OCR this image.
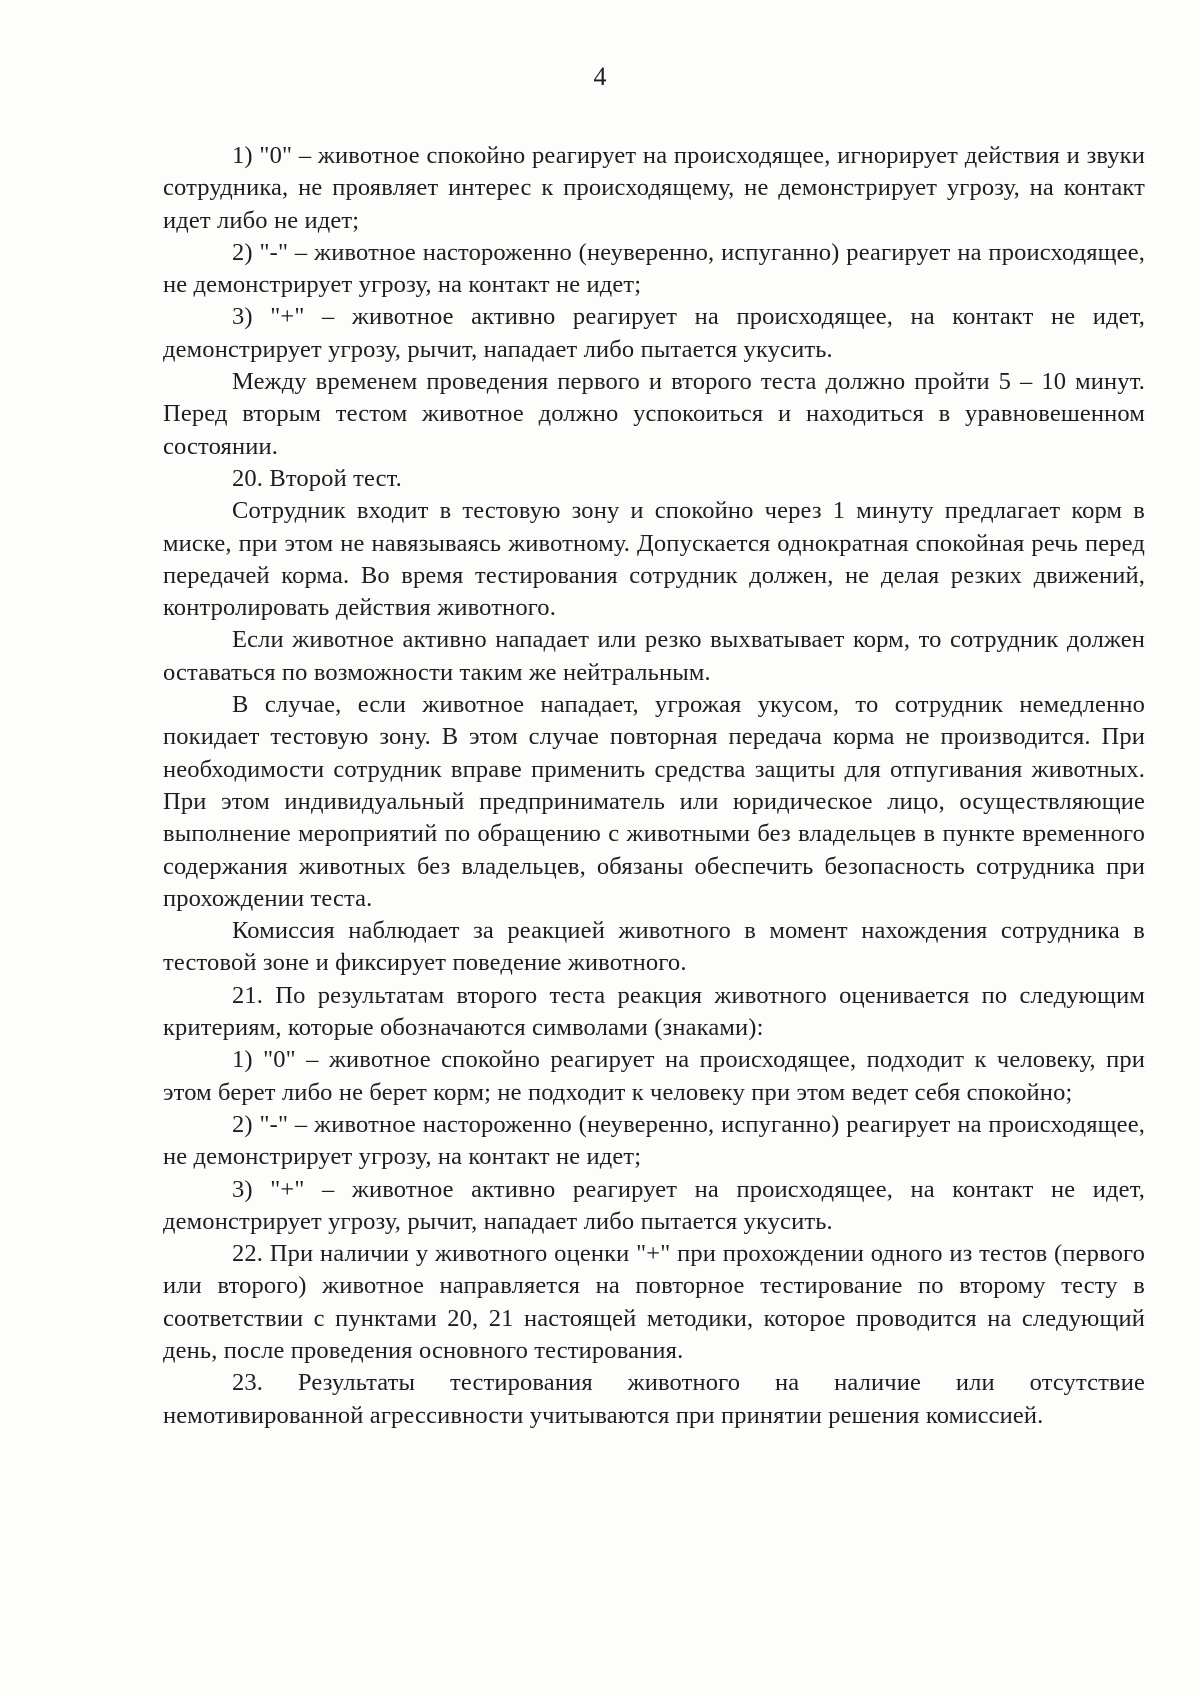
4

1) "0" – животное спокойно реагирует на происходящее, игнорирует действия и звуки сотрудника, не проявляет интерес к происходящему, не демонстрирует угрозу, на контакт идет либо не идет;

2) "-" – животное настороженно (неуверенно, испуганно) реагирует на происходящее, не демонстрирует угрозу, на контакт не идет;

3) "+" – животное активно реагирует на происходящее, на контакт не идет, демонстрирует угрозу, рычит, нападает либо пытается укусить.

Между временем проведения первого и второго теста должно пройти 5 – 10 минут. Перед вторым тестом животное должно успокоиться и находиться в уравновешенном состоянии.

20. Второй тест.

Сотрудник входит в тестовую зону и спокойно через 1 минуту предлагает корм в миске, при этом не навязываясь животному. Допускается однократная спокойная речь перед передачей корма. Во время тестирования сотрудник должен, не делая резких движений, контролировать действия животного.

Если животное активно нападает или резко выхватывает корм, то сотрудник должен оставаться по возможности таким же нейтральным.

В случае, если животное нападает, угрожая укусом, то сотрудник немедленно покидает тестовую зону. В этом случае повторная передача корма не производится. При необходимости сотрудник вправе применить средства защиты для отпугивания животных. При этом индивидуальный предприниматель или юридическое лицо, осуществляющие выполнение мероприятий по обращению с животными без владельцев в пункте временного содержания животных без владельцев, обязаны обеспечить безопасность сотрудника при прохождении теста.

Комиссия наблюдает за реакцией животного в момент нахождения сотрудника в тестовой зоне и фиксирует поведение животного.

21. По результатам второго теста реакция животного оценивается по следующим критериям, которые обозначаются символами (знаками):

1) "0" – животное спокойно реагирует на происходящее, подходит к человеку, при этом берет либо не берет корм; не подходит к человеку при этом ведет себя спокойно;

2) "-" – животное настороженно (неуверенно, испуганно) реагирует на происходящее, не демонстрирует угрозу, на контакт не идет;

3) "+" – животное активно реагирует на происходящее, на контакт не идет, демонстрирует угрозу, рычит, нападает либо пытается укусить.

22. При наличии у животного оценки "+" при прохождении одного из тестов (первого или второго) животное направляется на повторное тестирование по второму тесту в соответствии с пунктами 20, 21 настоящей методики, которое проводится на следующий день, после проведения основного тестирования.

23. Результаты тестирования животного на наличие или отсутствие немотивированной агрессивности учитываются при принятии решения комиссией.
